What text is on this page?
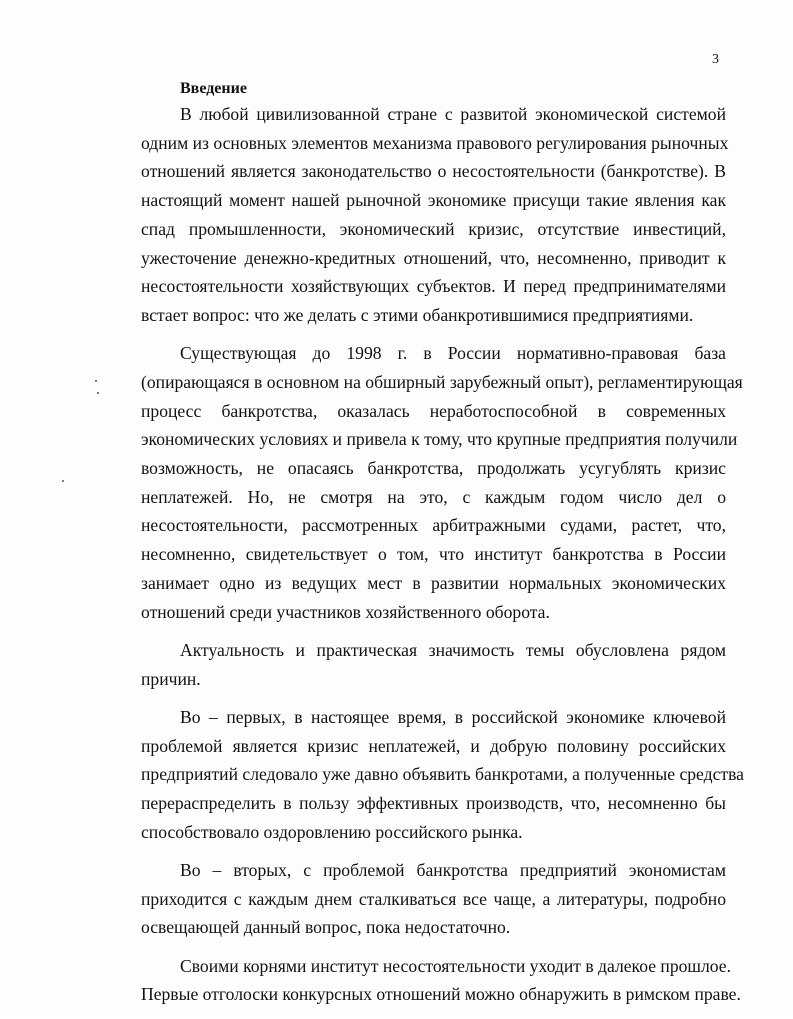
3
Введение

В любой цивилизованной стране с развитой экономической системой
одним из основных элементов механизма правового регулирования рыночных
отношений является законодательство о несостоятельности (банкротстве). В
настоящий момент нашей рыночной экономике присущи такие явления как
спад промышленности, экономический кризис, отсутствие инвестиций,
ужесточение денежно-кредитных отношений, что, несомненно, приводит к
несостоятельности хозяйствующих субъектов. И перед предпринимателями
встает вопрос: что же делать с этими обанкротившимися предприятиями.

Существующая до 1998 г. в России нормативно-правовая база
(опирающаяся в основном на обширный зарубежный опыт), регламентирующая
процесс банкротства, оказалась неработоспособной в современных
экономических условиях и привела к тому, что крупные предприятия получили
возможность, не опасаясь банкротства, продолжать усугублять кризис
неплатежей. Но, не смотря на это, с каждым годом число дел о
несостоятельности, рассмотренных арбитражными судами, растет, что,
несомненно, свидетельствует о том, что институт банкротства в России
занимает одно из ведущих мест в развитии нормальных экономических
отношений среди участников хозяйственного оборота.

Актуальность и практическая значимость темы обусловлена рядом
причин.

Во – первых, в настоящее время, в российской экономике ключевой
проблемой является кризис неплатежей, и добрую половину российских
предприятий следовало уже давно объявить банкротами, а полученные средства
перераспределить в пользу эффективных производств, что, несомненно бы
способствовало оздоровлению российского рынка.

Во – вторых, с проблемой банкротства предприятий экономистам
приходится с каждым днем сталкиваться все чаще, а литературы, подробно
освещающей данный вопрос, пока недостаточно.

Своими корнями институт несостоятельности уходит в далекое прошлое.
Первые отголоски конкурсных отношений можно обнаружить в римском праве.
